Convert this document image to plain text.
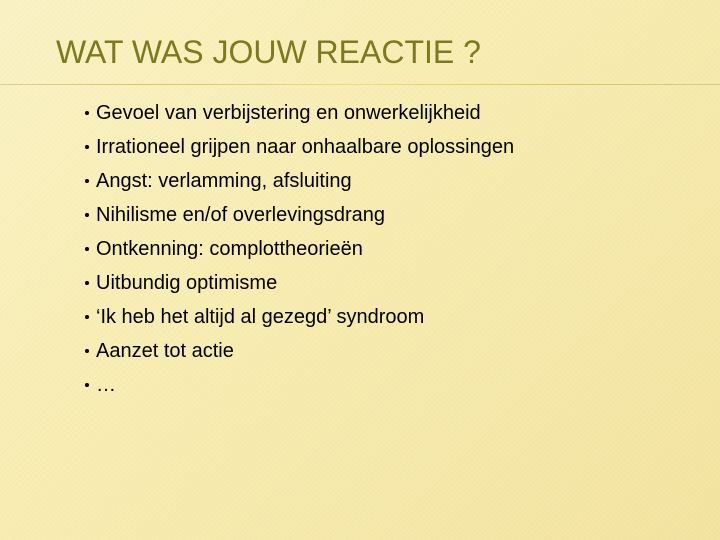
WAT WAS JOUW REACTIE ?
Gevoel van verbijstering en onwerkelijkheid
Irrationeel grijpen naar onhaalbare oplossingen
Angst: verlamming, afsluiting
Nihilisme en/of overlevingsdrang
Ontkenning: complottheorieën
Uitbundig optimisme
‘Ik heb het altijd al gezegd’ syndroom
Aanzet tot actie
…
